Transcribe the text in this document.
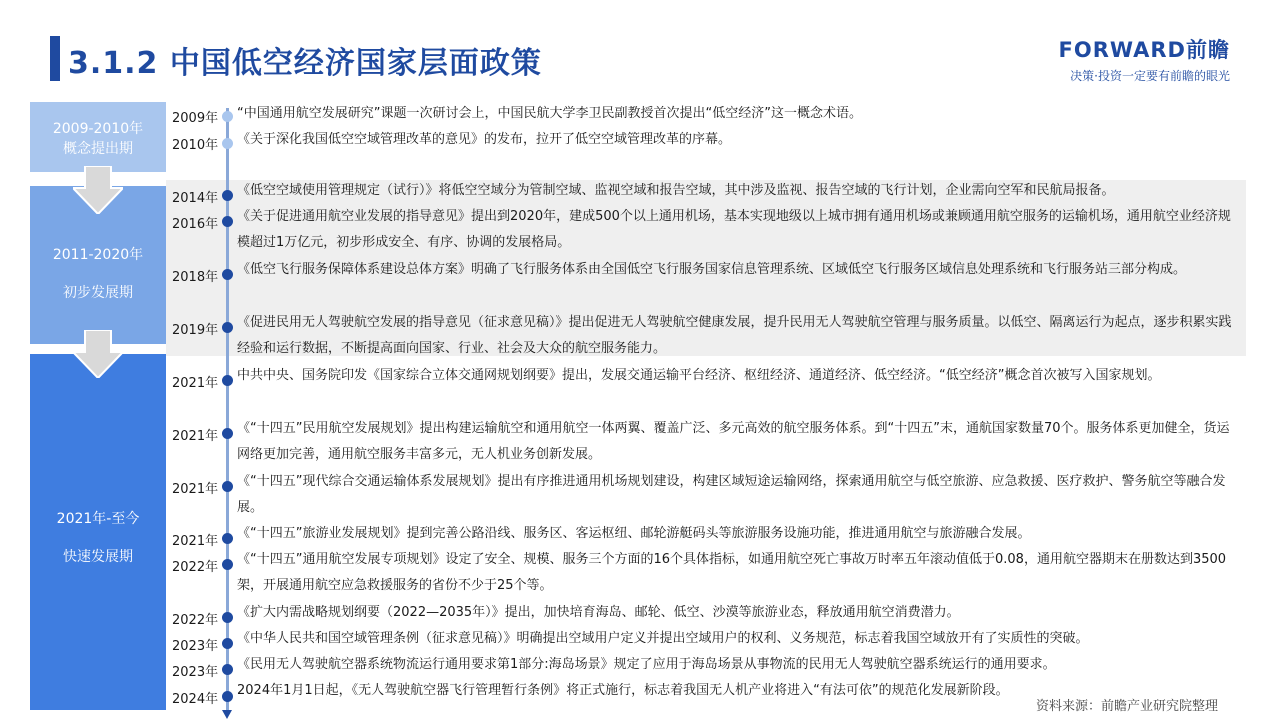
3.1.2 中国低空经济国家层面政策	FORWARD前瞻
决策·投资一定要有前瞻的眼光
2009-2010年
概念提出期
2011-2020年
初步发展期
2021年-至今
快速发展期
2009年 “中国通用航空发展研究”课题一次研讨会上，中国民航大学李卫民副教授首次提出“低空经济”这一概念术语。
2010年 《关于深化我国低空空域管理改革的意见》的发布，拉开了低空空域管理改革的序幕。
2014年
《低空空域使用管理规定（试行）》将低空空域分为管制空域、监视空域和报告空域，其中涉及监视、报告空域的飞行计划，企业需向空军和民航局报备。
2016年
《关于促进通用航空业发展的指导意见》提出到2020年，建成500个以上通用机场，基本实现地级以上城市拥有通用机场或兼顾通用航空服务的运输机场，通用航空业经济规模超过1万亿元，初步形成安全、有序、协调的发展格局。
2018年
《低空飞行服务保障体系建设总体方案》明确了飞行服务体系由全国低空飞行服务国家信息管理系统、区域低空飞行服务区域信息处理系统和飞行服务站三部分构成。
2019年
《促进民用无人驾驶航空发展的指导意见（征求意见稿）》提出促进无人驾驶航空健康发展，提升民用无人驾驶航空管理与服务质量。以低空、隔离运行为起点，逐步积累实践经验和运行数据，不断提高面向国家、行业、社会及大众的航空服务能力。
2021年
中共中央、国务院印发《国家综合立体交通网规划纲要》提出，发展交通运输平台经济、枢纽经济、通道经济、低空经济。“低空经济”概念首次被写入国家规划。
2021年
《“十四五”民用航空发展规划》提出构建运输航空和通用航空一体两翼、覆盖广泛、多元高效的航空服务体系。到“十四五”末，通航国家数量70个。服务体系更加健全，货运网络更加完善，通用航空服务丰富多元，无人机业务创新发展。
2021年
《“十四五”现代综合交通运输体系发展规划》提出有序推进通用机场规划建设，构建区域短途运输网络，探索通用航空与低空旅游、应急救援、医疗救护、警务航空等融合发展。
2021年
《“十四五”旅游业发展规划》提到完善公路沿线、服务区、客运枢纽、邮轮游艇码头等旅游服务设施功能，推进通用航空与旅游融合发展。
2022年
《“十四五”通用航空发展专项规划》设定了安全、规模、服务三个方面的16个具体指标，如通用航空死亡事故万时率五年滚动值低于0.08，通用航空器期末在册数达到3500架，开展通用航空应急救援服务的省份不少于25个等。
2022年
《扩大内需战略规划纲要（2022—2035年）》提出，加快培育海岛、邮轮、低空、沙漠等旅游业态，释放通用航空消费潜力。
2023年
《中华人民共和国空域管理条例（征求意见稿）》明确提出空域用户定义并提出空域用户的权利、义务规范，标志着我国空域放开有了实质性的突破。
2023年
《民用无人驾驶航空器系统物流运行通用要求第1部分:海岛场景》规定了应用于海岛场景从事物流的民用无人驾驶航空器系统运行的通用要求。
2024年
2024年1月1日起，《无人驾驶航空器飞行管理暂行条例》将正式施行，标志着我国无人机产业将进入“有法可依”的规范化发展新阶段。
资料来源：前瞻产业研究院整理
